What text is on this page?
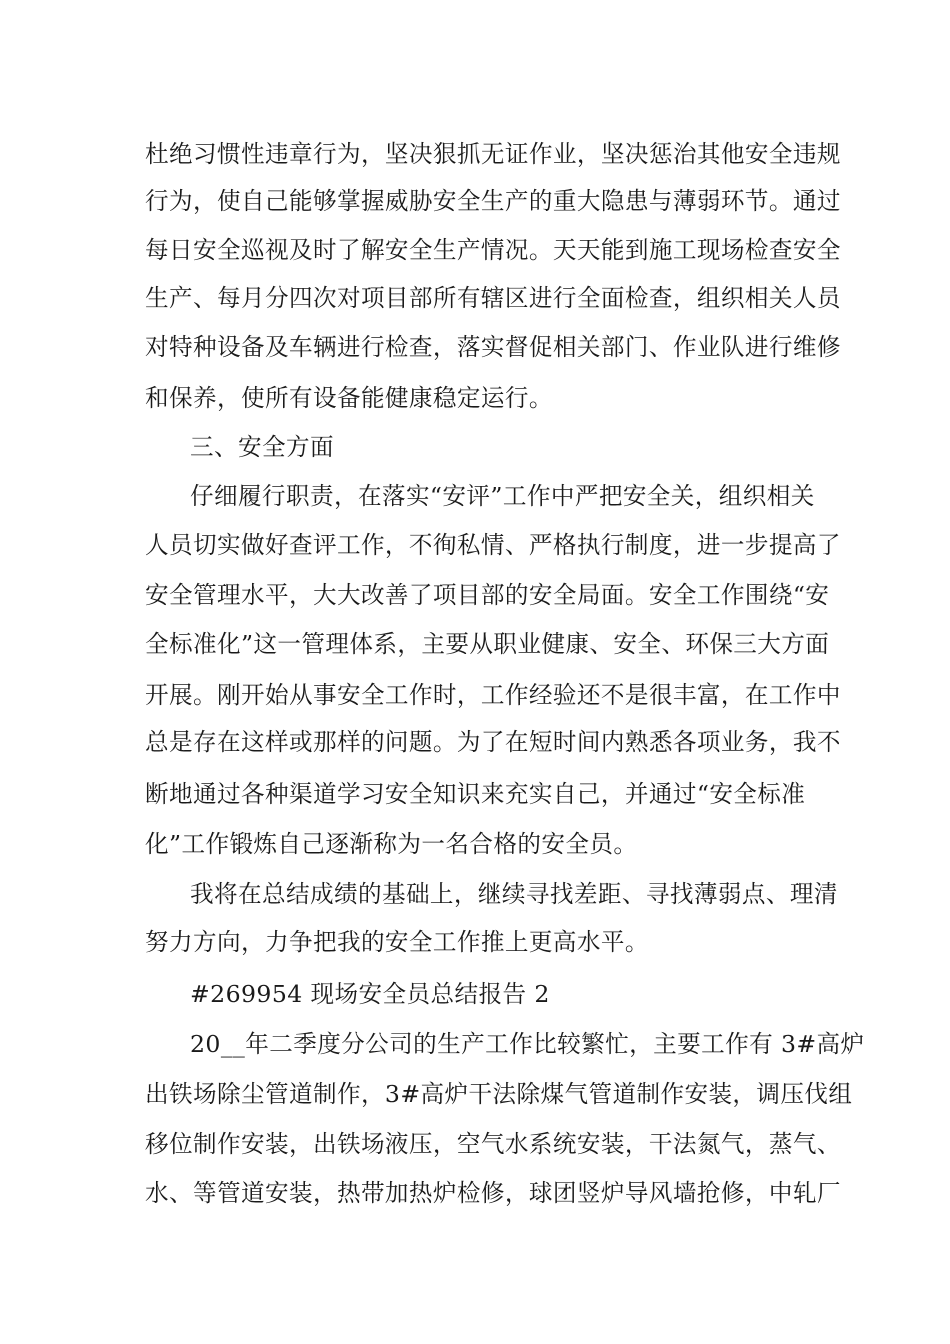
杜绝习惯性违章行为，坚决狠抓无证作业，坚决惩治其他安全违规
行为，使自己能够掌握威胁安全生产的重大隐患与薄弱环节。通过
每日安全巡视及时了解安全生产情况。天天能到施工现场检查安全
生产、每月分四次对项目部所有辖区进行全面检查，组织相关人员
对特种设备及车辆进行检查，落实督促相关部门、作业队进行维修
和保养，使所有设备能健康稳定运行。
三、安全方面
仔细履行职责，在落实“安评”工作中严把安全关，组织相关
人员切实做好查评工作，不徇私情、严格执行制度，进一步提高了
安全管理水平，大大改善了项目部的安全局面。安全工作围绕“安
全标准化”这一管理体系，主要从职业健康、安全、环保三大方面
开展。刚开始从事安全工作时，工作经验还不是很丰富，在工作中
总是存在这样或那样的问题。为了在短时间内熟悉各项业务，我不
断地通过各种渠道学习安全知识来充实自己，并通过“安全标准
化”工作锻炼自己逐渐称为一名合格的安全员。
我将在总结成绩的基础上，继续寻找差距、寻找薄弱点、理清
努力方向，力争把我的安全工作推上更高水平。
#269954 现场安全员总结报告 2
20__年二季度分公司的生产工作比较繁忙，主要工作有 3#高炉
出铁场除尘管道制作，3#高炉干法除煤气管道制作安装，调压伐组
移位制作安装，出铁场液压，空气水系统安装，干法氮气，蒸气、
水、等管道安装，热带加热炉检修，球团竖炉导风墙抢修，中轧厂
